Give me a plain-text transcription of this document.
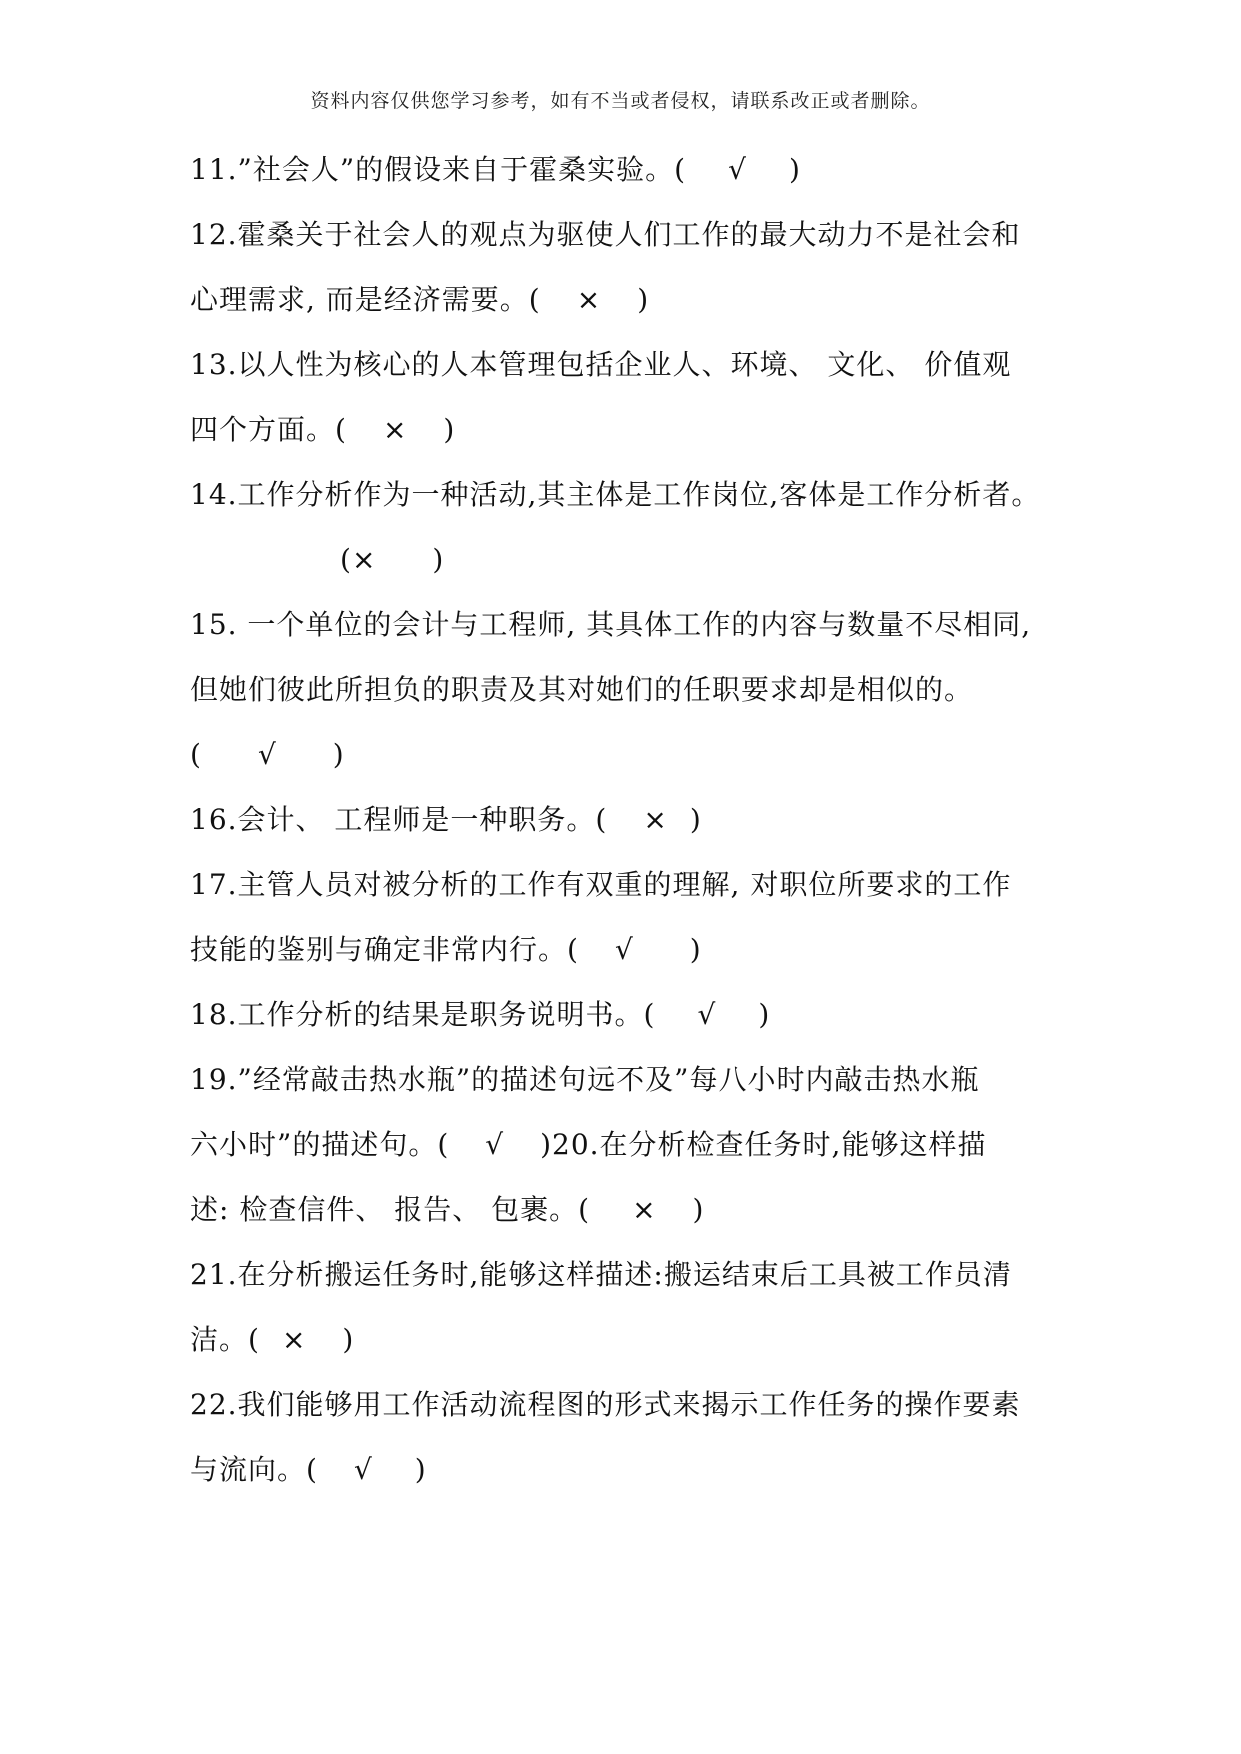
资料内容仅供您学习参考，如有不当或者侵权，请联系改正或者删除。
11.”社会人”的假设来自于霍桑实验。( √ )
12.霍桑关于社会人的观点为驱使人们工作的最大动力不是社会和
心理需求, 而是经济需要。( × )
13.以人性为核心的人本管理包括企业人、环境、 文化、 价值观
四个方面。( × )
14.工作分析作为一种活动,其主体是工作岗位,客体是工作分析者。
(× )
15. 一个单位的会计与工程师, 其具体工作的内容与数量不尽相同,
但她们彼此所担负的职责及其对她们的任职要求却是相似的。
( √ )
16.会计、 工程师是一种职务。( × )
17.主管人员对被分析的工作有双重的理解, 对职位所要求的工作
技能的鉴别与确定非常内行。( √ )
18.工作分析的结果是职务说明书。( √ )
19.”经常敲击热水瓶”的描述句远不及”每八小时内敲击热水瓶
六小时”的描述句。( √ )20.在分析检查任务时,能够这样描
述: 检查信件、 报告、 包裹。( × )
21.在分析搬运任务时,能够这样描述:搬运结束后工具被工作员清
洁。( × )
22.我们能够用工作活动流程图的形式来揭示工作任务的操作要素
与流向。( √ )
